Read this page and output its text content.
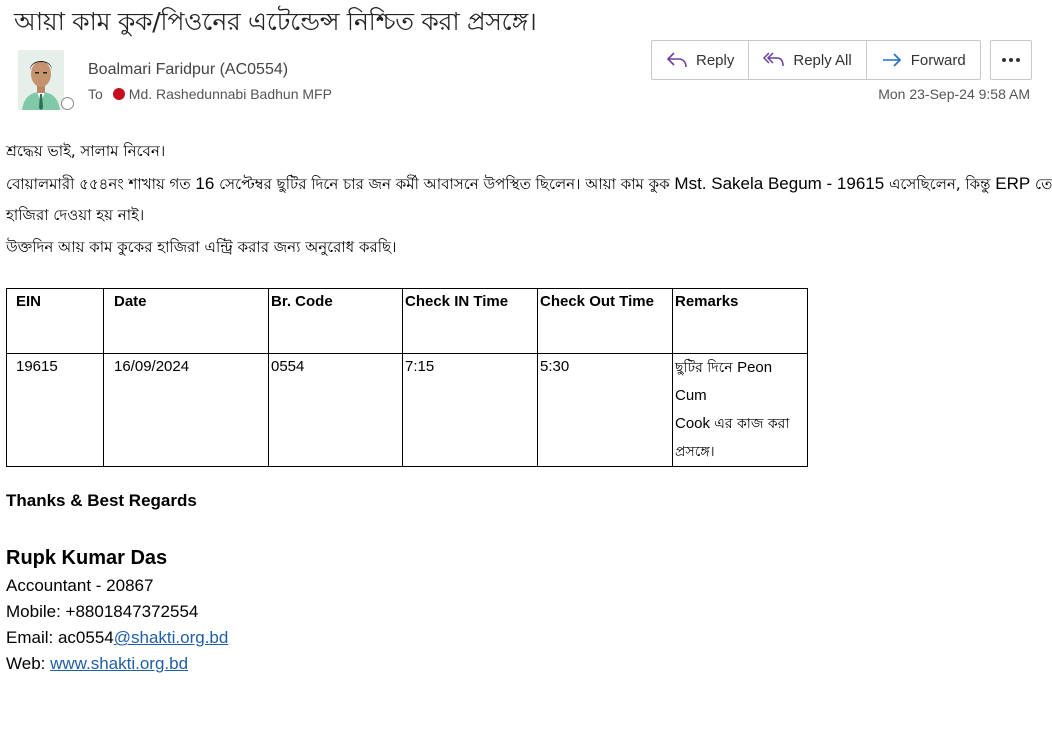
আয়া কাম কুক/পিওনের এটেন্ডেন্স নিশ্চিত করা প্রসঙ্গে।
Boalmari Faridpur (AC0554)
To Md. Rashedunnabi Badhun MFP
Reply	Reply All	Forward
Mon 23-Sep-24 9:58 AM
শ্রদ্ধেয় ভাই, সালাম নিবেন।
বোয়ালমারী ৫৫৪নং শাখায় গত 16 সেপ্টেম্বর ছুটির দিনে চার জন কর্মী আবাসনে উপস্থিত ছিলেন। আয়া কাম কুক Mst. Sakela Begum - 19615 এসেছিলেন, কিন্তু ERP তে
হাজিরা দেওয়া হয় নাই।
উক্তদিন আয় কাম কুকের হাজিরা এন্ট্রি করার জন্য অনুরোধ করছি।
EIN	Date	Br. Code	Check IN Time	Check Out Time	Remarks
19615	16/09/2024	0554	7:15	5:30	ছুটির দিনে Peon Cum
Cook এর কাজ করা
প্রসঙ্গে।
Thanks & Best Regards
Rupk Kumar Das
Accountant - 20867
Mobile: +8801847372554
Email: ac0554@shakti.org.bd
Web: www.shakti.org.bd
